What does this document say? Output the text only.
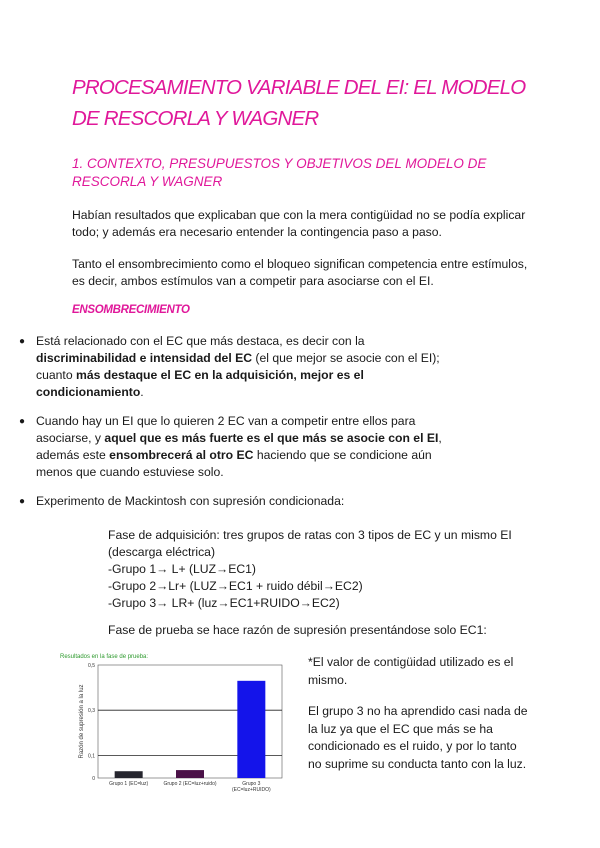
PROCESAMIENTO VARIABLE DEL EI: EL MODELO DE RESCORLA Y WAGNER
1. CONTEXTO, PRESUPUESTOS Y OBJETIVOS DEL MODELO DE RESCORLA Y WAGNER

Habían resultados que explicaban que con la mera contigüidad no se podía explicar todo; y además era necesario entender la contingencia paso a paso.

Tanto el ensombrecimiento como el bloqueo significan competencia entre estímulos, es decir, ambos estímulos van a competir para asociarse con el EI.

ENSOMBRECIMIENTO
● Está relacionado con el EC que más destaca, es decir con la discriminabilidad e intensidad del EC (el que mejor se asocie con el EI); cuanto más destaque el EC en la adquisición, mejor es el condicionamiento.
● Cuando hay un EI que lo quieren 2 EC van a competir entre ellos para asociarse, y aquel que es más fuerte es el que más se asocie con el EI, además este ensombrecerá al otro EC haciendo que se condicione aún menos que cuando estuviese solo.
● Experimento de Mackintosh con supresión condicionada:
Fase de adquisición: tres grupos de ratas con 3 tipos de EC y un mismo EI (descarga eléctrica)
-Grupo 1→ L+ (LUZ→EC1)
-Grupo 2→Lr+ (LUZ→EC1 + ruido débil→EC2)
-Grupo 3→ LR+ (luz→EC1+RUIDO→EC2)

Fase de prueba se hace razón de supresión presentándose solo EC1:

Resultados en la fase de prueba:
0
0,1
0,3
0,5
Razón de supresión a la luz
Grupo 1 (EC=luz)	Grupo 2 (EC=luz+ruido)	Grupo 3
(EC=luz+RUIDO)

*El valor de contigüidad utilizado es el mismo.

El grupo 3 no ha aprendido casi nada de la luz ya que el EC que más se ha condicionado es el ruido, y por lo tanto no suprime su conducta tanto con la luz.
